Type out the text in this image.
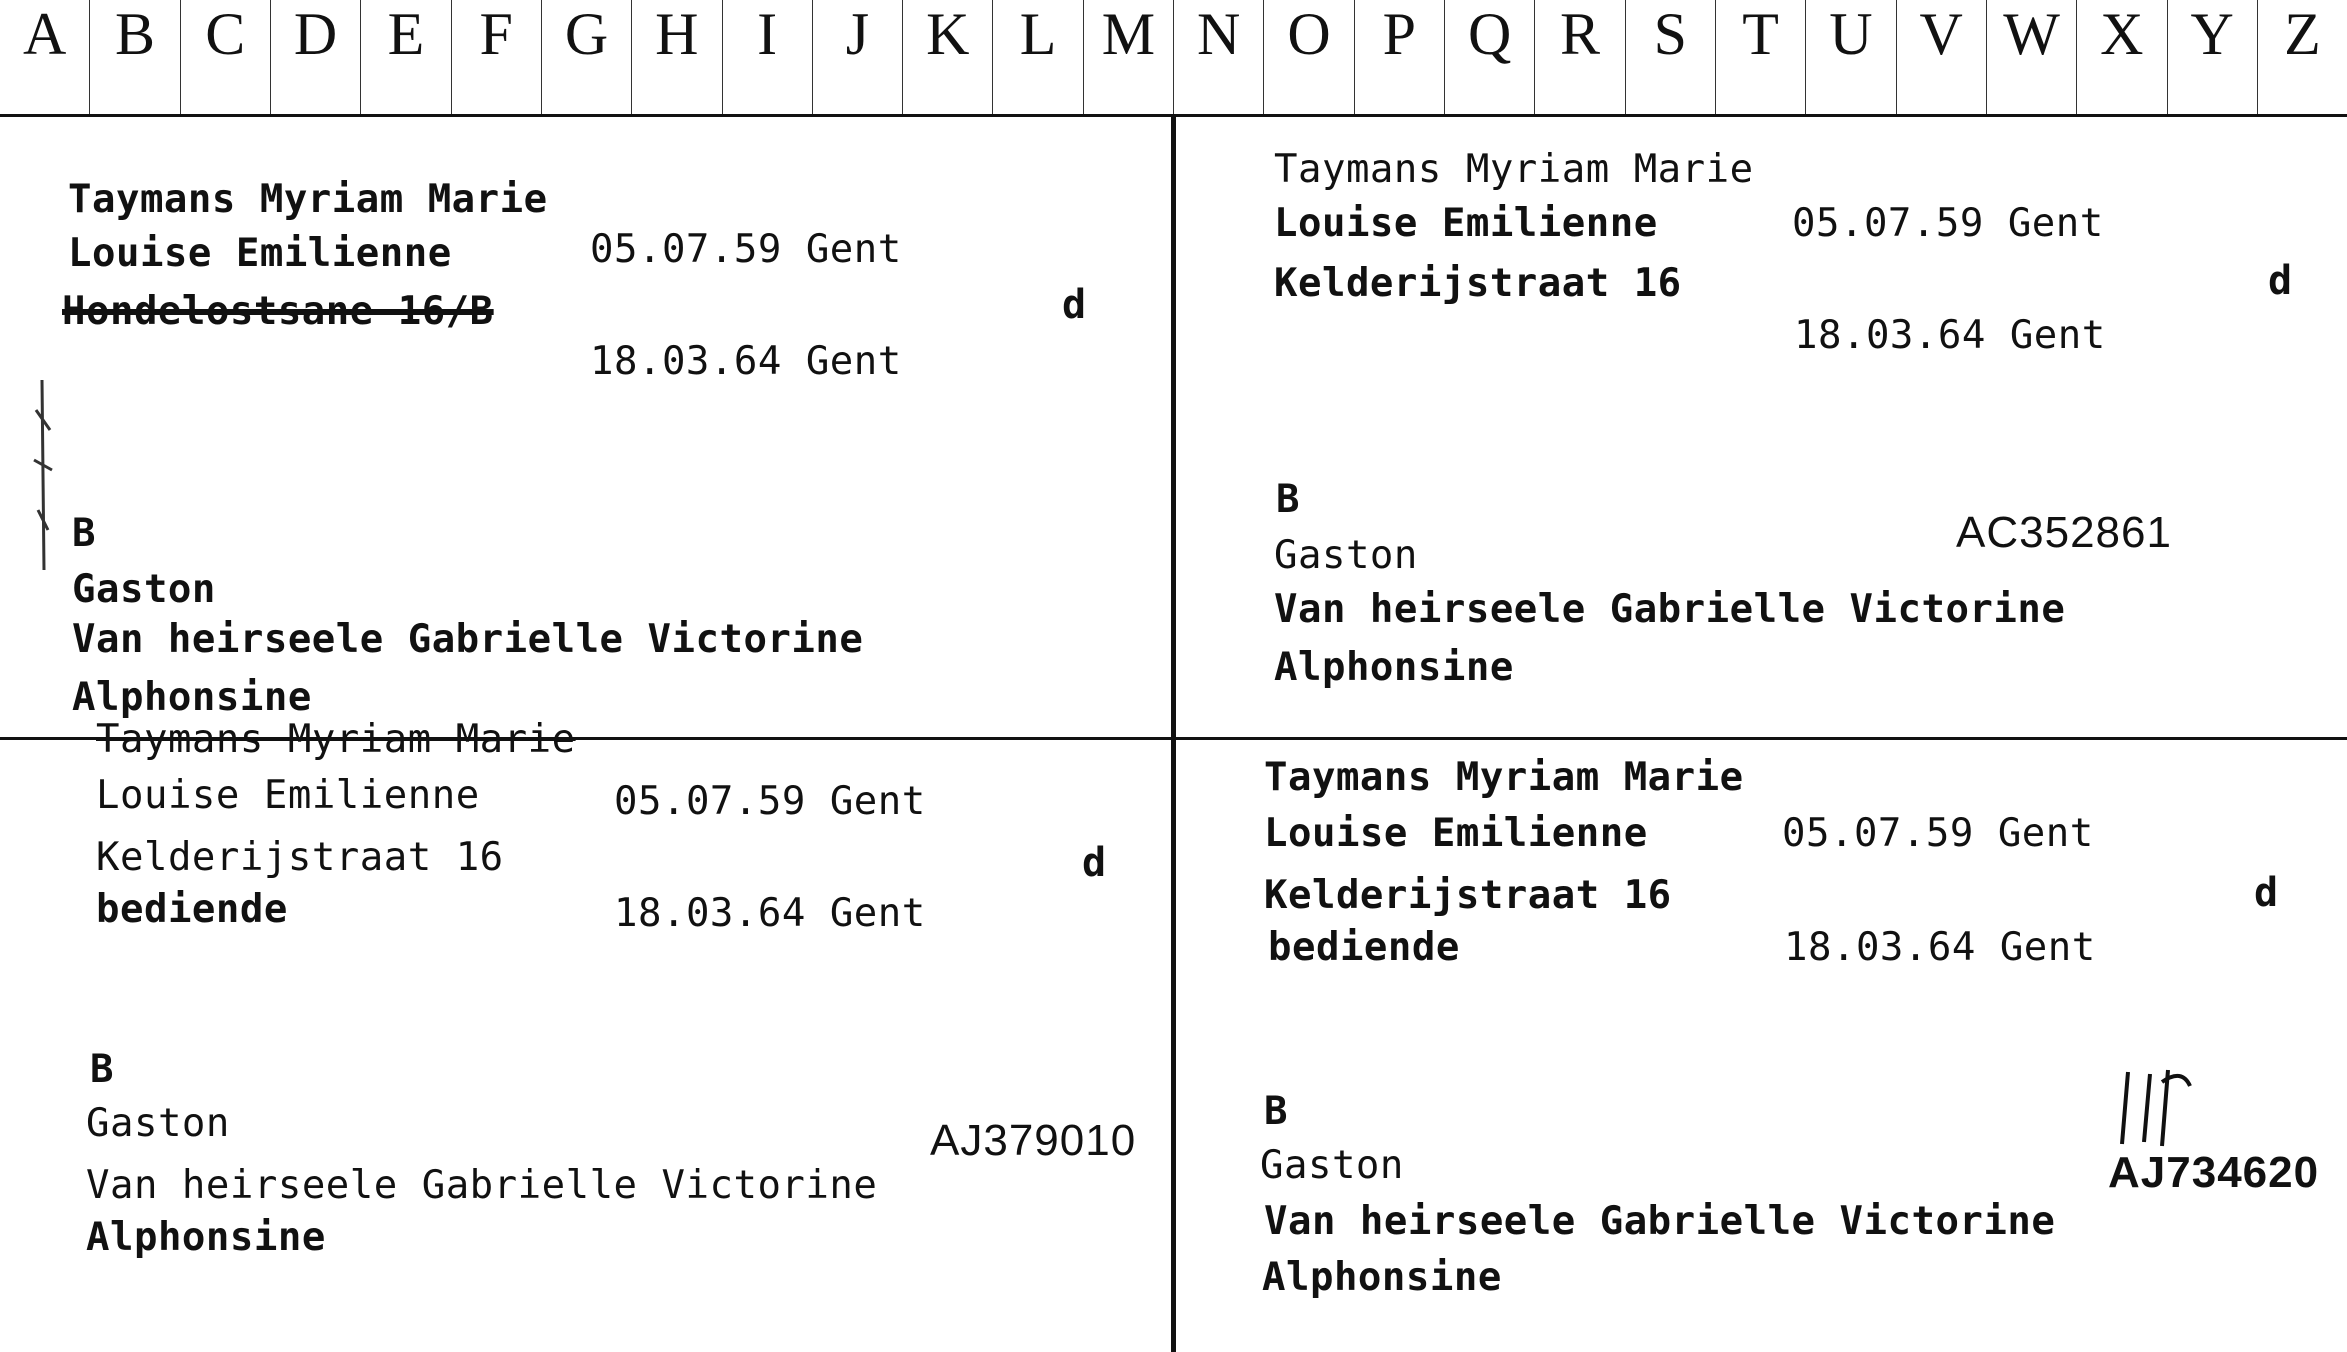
A B C D E F G H I	J K L M N O P Q R S T U V W X Y Z
Taymans Myriam Marie
Louise Emilienne	05.07.59 Gent
Hondelostsane 16/B	d
18.03.64 Gent
B
Gaston
Van heirseele Gabrielle Victorine
Alphonsine
Taymans Myriam Marie
Louise Emilienne	05.07.59 Gent
Kelderijstraat 16	d
18.03.64 Gent
B
AC352861
Gaston
Van heirseele Gabrielle Victorine
Alphonsine
Taymans Myriam Marie
Louise Emilienne	05.07.59 Gent
Kelderijstraat 16	d
bediende	18.03.64 Gent
B
Gaston	AJ379010
Van heirseele Gabrielle Victorine
Alphonsine
Taymans Myriam Marie
Louise Emilienne	05.07.59 Gent
Kelderijstraat 16	d
bediende	18.03.64 Gent
B
Gaston	AJ734620
Van heirseele Gabrielle Victorine
Alphonsine
